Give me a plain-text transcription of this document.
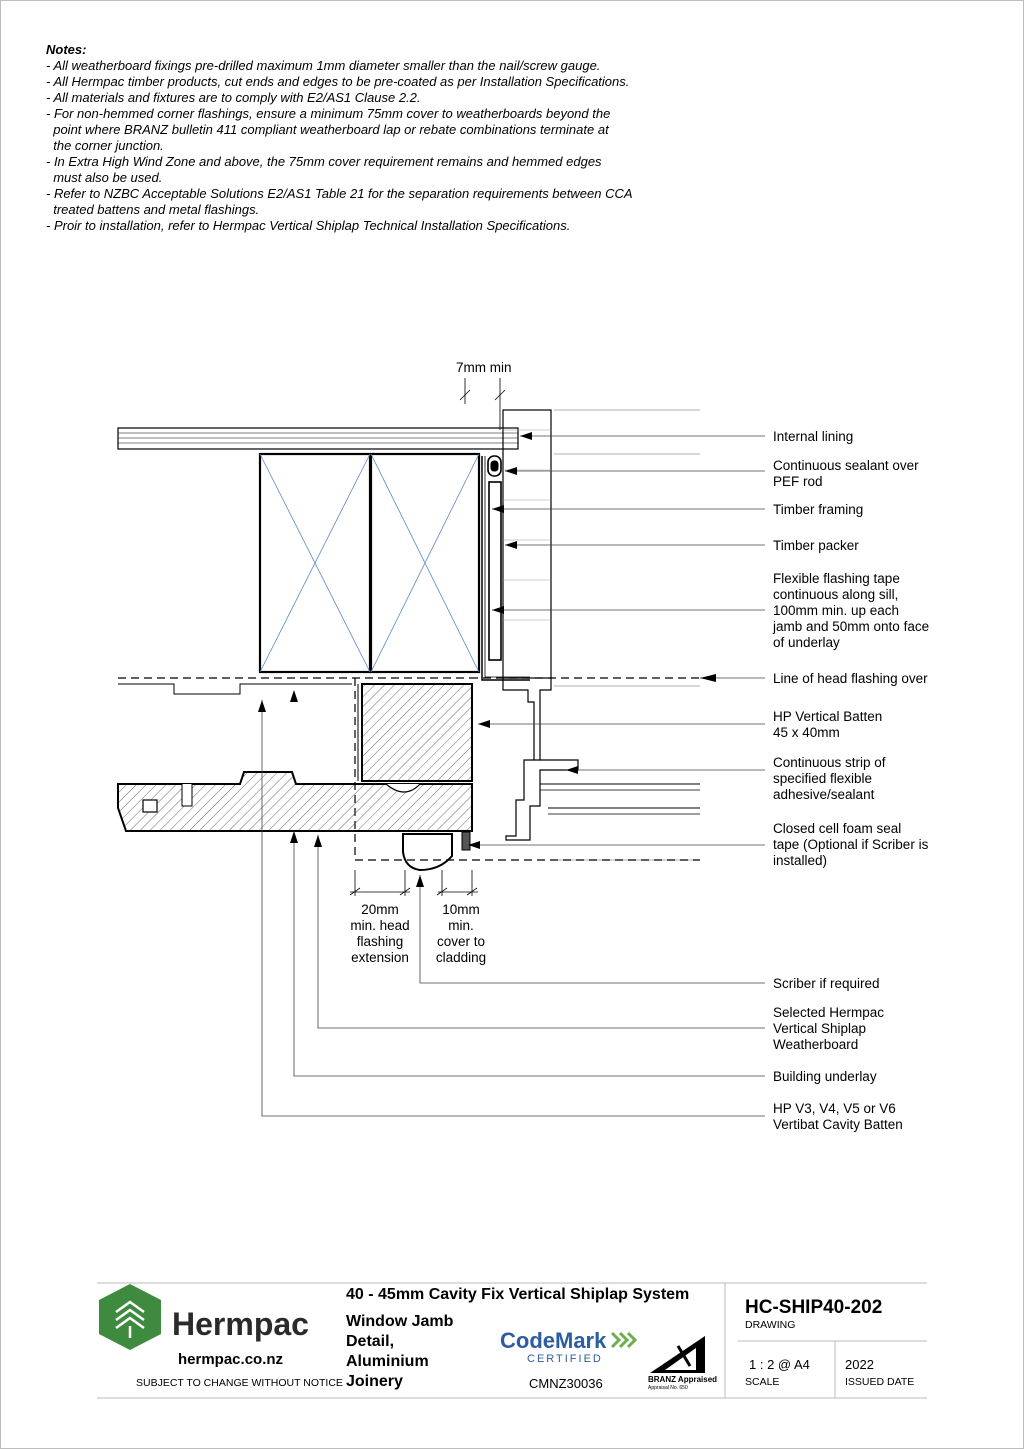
Notes:
- All weatherboard fixings pre-drilled maximum 1mm diameter smaller than the nail/screw gauge.
- All Hermpac timber products, cut ends and edges to be pre-coated as per Installation Specifications.
- All materials and fixtures are to comply with E2/AS1 Clause 2.2.
- For non-hemmed corner flashings, ensure a minimum 75mm cover to weatherboards beyond the
point where BRANZ bulletin 411 compliant weatherboard lap or rebate combinations terminate at
the corner junction.
- In Extra High Wind Zone and above, the 75mm cover requirement remains and hemmed edges
must also be used.
- Refer to NZBC Acceptable Solutions E2/AS1 Table 21 for the separation requirements between CCA
treated battens and metal flashings.
- Proir to installation, refer to Hermpac Vertical Shiplap Technical Installation Specifications.
7mm min
20mm
min. head
flashing
extension
10mm
min.
cover to
cladding
Internal lining
Continuous sealant over
PEF rod
Timber framing
Timber packer
Flexible flashing tape
continuous along sill,
100mm min. up each
jamb and 50mm onto face
of underlay
Line of head flashing over
HP Vertical Batten
45 x 40mm
Continuous strip of
specified flexible
adhesive/sealant
Closed cell foam seal
tape (Optional if Scriber is
installed)
Scriber if required
Selected Hermpac
Vertical Shiplap
Weatherboard
Building underlay
HP V3, V4, V5 or V6
Vertibat Cavity Batten
Hermpac
hermpac.co.nz
SUBJECT TO CHANGE WITHOUT NOTICE
40 - 45mm Cavity Fix Vertical Shiplap System
Window Jamb
Detail,
Aluminium
Joinery
CodeMark
CERTIFIED
CMNZ30036	BRANZ Appraised
Appraisal No. 650
HC-SHIP40-202
DRAWING
1 : 2 @ A4
SCALE
2022
ISSUED DATE
